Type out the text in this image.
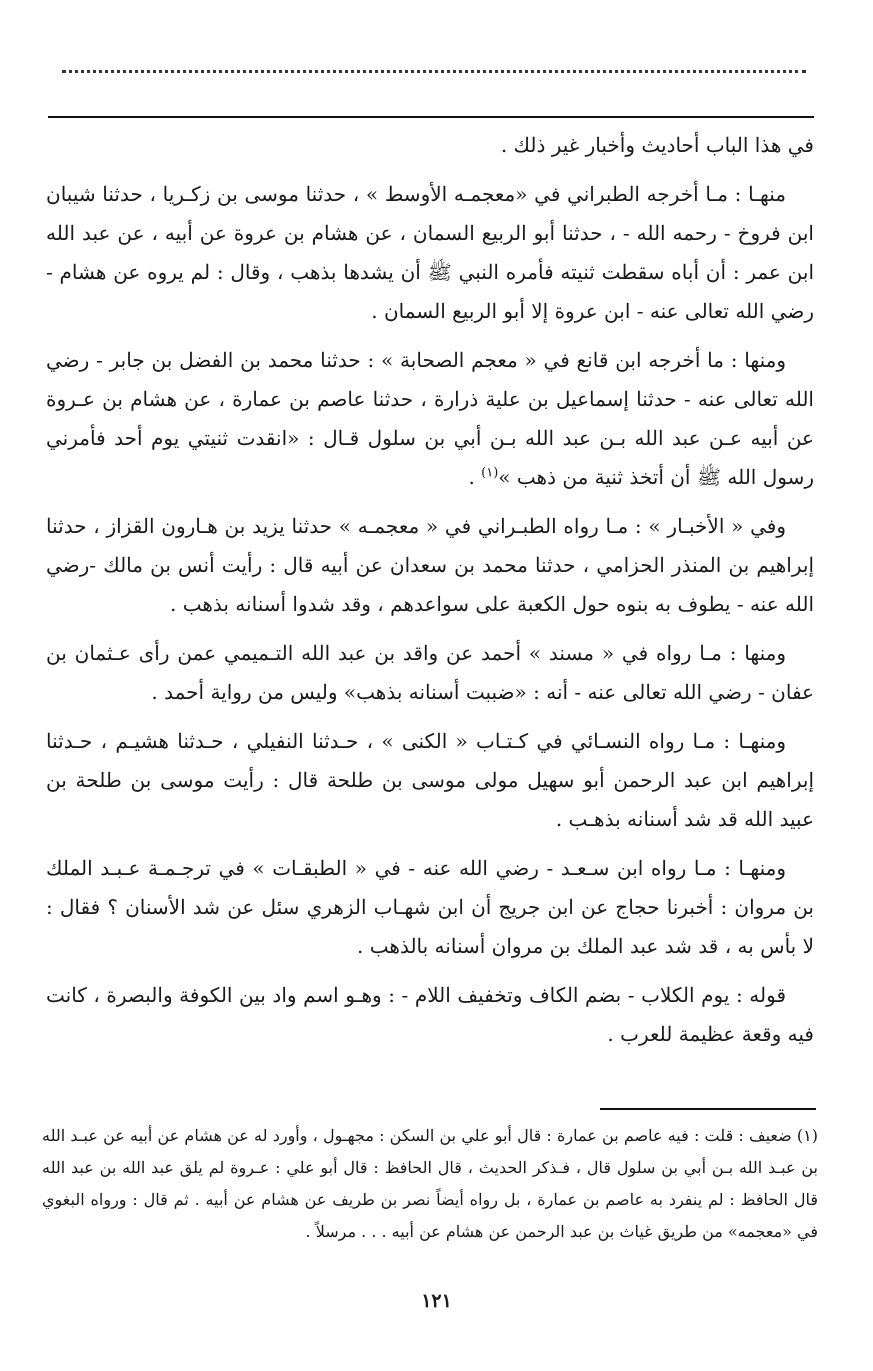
في هذا الباب أحاديث وأخبار غير ذلك .

منهـا : مـا أخرجه الطبراني في «معجمـه الأوسط » ، حدثنا موسى بن زكـريا ، حدثنا شيبان ابن فروخ - رحمه الله - ، حدثنا أبو الربيع السمان ، عن هشام بن عروة عن أبيه ، عن عبد الله ابن عمر : أن أباه سقطت ثنيته فأمره النبي ﷺ أن يشدها بذهب ، وقال : لم يروه عن هشام - رضي الله تعالى عنه - ابن عروة إلا أبو الربيع السمان .

ومنها : ما أخرجه ابن قانع في « معجم الصحابة » : حدثنا محمد بن الفضل بن جابر - رضي الله تعالى عنه - حدثنا إسماعيل بن علية ذرارة ، حدثنا عاصم بن عمارة ، عن هشام بن عـروة عن أبيه عـن عبد الله بـن عبد الله بـن أبي بن سلول قـال : «انقدت ثنيتي يوم أحد فأمرني رسول الله ﷺ أن أتخذ ثنية من ذهب »$^{(١)}$ .

وفي « الأخبـار » : مـا رواه الطبـراني في « معجمـه » حدثنا يزيد بن هـارون القزاز ، حدثنا إبراهيم بن المنذر الحزامي ، حدثنا محمد بن سعدان عن أبيه قال : رأيت أنس بن مالك -رضي الله عنه - يطوف به بنوه حول الكعبة على سواعدهم ، وقد شدوا أسنانه بذهب .

ومنها : مـا رواه في « مسند » أحمد عن واقد بن عبد الله التـميمي عمن رأى عـثمان بن عفان - رضي الله تعالى عنه - أنه : «ضببت أسنانه بذهب» وليس من رواية أحمد .

ومنهـا : مـا رواه النسـائي في كـتـاب « الكنى » ، حـدثنا النفيلي ، حـدثنا هشيـم ، حـدثنا إبراهيم ابن عبد الرحمن أبو سهيل مولى موسى بن طلحة قال : رأيت موسى بن طلحة بن عبيد الله قد شد أسنانه بذهـب .

ومنهـا : مـا رواه ابن سـعـد - رضي الله عنه - في « الطبقـات » في ترجـمـة عـبـد الملك بن مروان : أخبرنا حجاج عن ابن جريج أن ابن شهـاب الزهري سئل عن شد الأسنان ؟ فقال : لا بأس به ، قد شد عبد الملك بن مروان أسنانه بالذهب .

قوله : يوم الكلاب - بضم الكاف وتخفيف اللام - : وهـو اسم واد بين الكوفة والبصرة ، كانت فيه وقعة عظيمة للعرب .

(١) ضعيف : قلت : فيه عاصم بن عمارة : قال أبو علي بن السكن : مجهـول ، وأورد له عن هشام عن أبيه عن عبـد الله بن عبـد الله بـن أبي بن سلول قال ، فـذكر الحديث ، قال الحافظ : قال أبو علي : عـروة لم يلق عبد الله بن عبد الله قال الحافظ : لم ينفرد به عاصم بن عمارة ، بل رواه أيضاً نصر بن طريف عن هشام عن أبيه . ثم قال : ورواه البغوي في «معجمه» من طريق غياث بن عبد الرحمن عن هشام عن أبيه . . . مرسلاً .

١٢١
